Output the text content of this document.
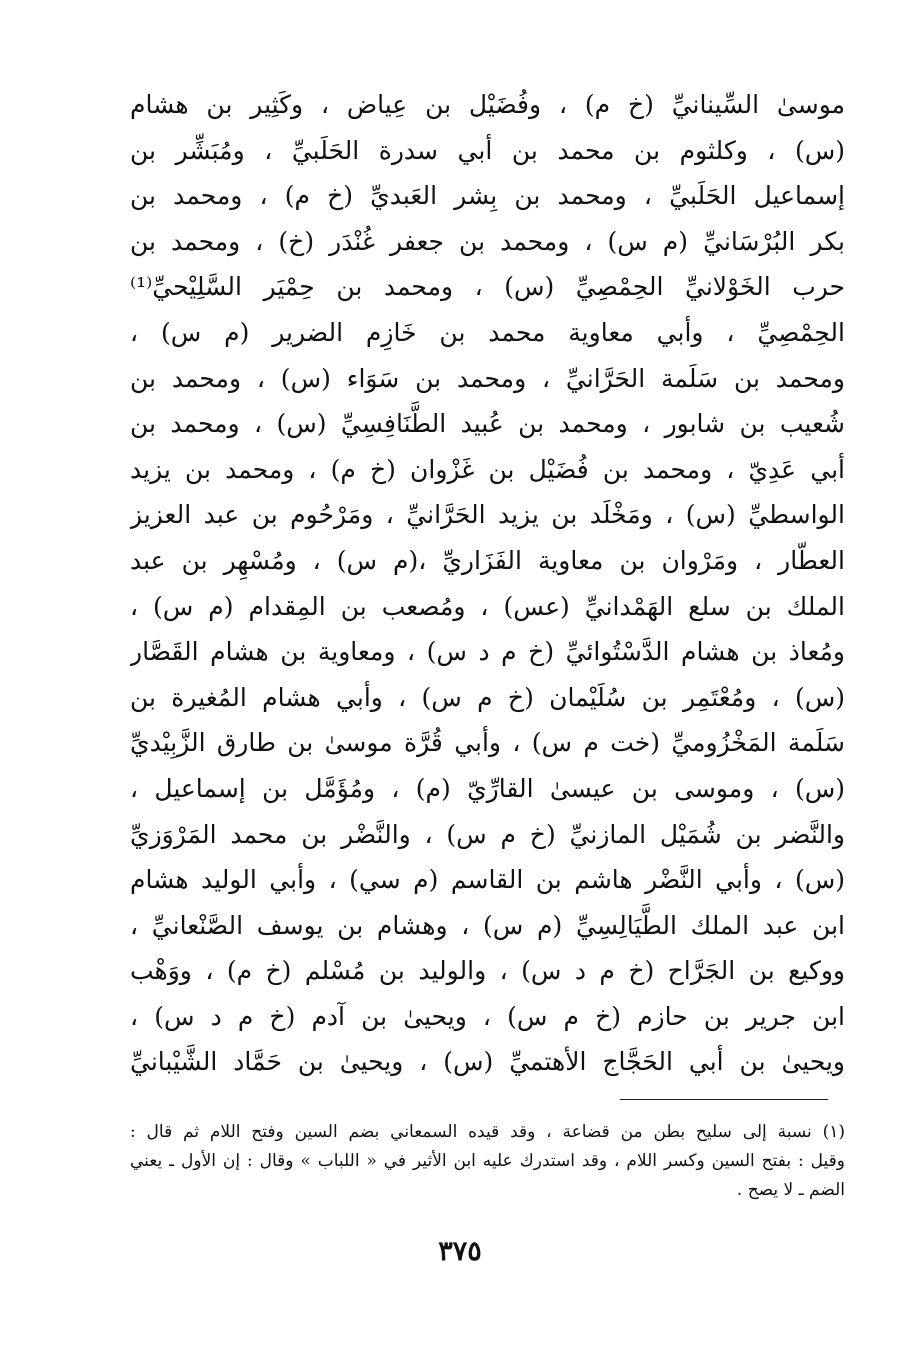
موسىٰ السِّينانيِّ (خ م) ، وفُضَيْل بن عِياض ، وكَثِير بن هشام
(س) ، وكلثوم بن محمد بن أبي سدرة الحَلَبيِّ ، ومُبَشِّر بن
إسماعيل الحَلَبيِّ ، ومحمد بن بِشر العَبديِّ (خ م) ، ومحمد بن
بكر البُرْسَانيِّ (م س) ، ومحمد بن جعفر غُنْدَر (خ) ، ومحمد بن
حرب الخَوْلانيِّ الحِمْصِيِّ (س) ، ومحمد بن حِمْيَر السَّلِيْحيِّ⁽¹⁾
الحِمْصِيِّ ، وأبي معاوية محمد بن خَازِم الضرير (م س) ،
ومحمد بن سَلَمة الحَرَّانيِّ ، ومحمد بن سَوَاء (س) ، ومحمد بن
شُعيب بن شابور ، ومحمد بن عُبيد الطَّنَافِسِيِّ (س) ، ومحمد بن
أبي عَدِيّ ، ومحمد بن فُضَيْل بن غَزْوان (خ م) ، ومحمد بن يزيد
الواسطيِّ (س) ، ومَخْلَد بن يزيد الحَرَّانيِّ ، ومَرْحُوم بن عبد العزيز
العطّار ، ومَرْوان بن معاوية الفَزَاريِّ ،(م س) ، ومُسْهِر بن عبد
الملك بن سلع الهَمْدانيِّ (عس) ، ومُصعب بن المِقدام (م س) ،
ومُعاذ بن هشام الدَّسْتُوائيِّ (خ م د س) ، ومعاوية بن هشام القَصَّار
(س) ، ومُعْتَمِر بن سُلَيْمان (خ م س) ، وأبي هشام المُغيرة بن
سَلَمة المَخْزُوميِّ (خت م س) ، وأبي قُرَّة موسىٰ بن طارق الزَّبِيْديِّ
(س) ، وموسى بن عيسىٰ القارِّيّ (م) ، ومُؤَمَّل بن إسماعيل ،
والنَّضر بن شُمَيْل المازنيِّ (خ م س) ، والنَّضْر بن محمد المَرْوَزيِّ
(س) ، وأبي النَّضْر هاشم بن القاسم (م سي) ، وأبي الوليد هشام
ابن عبد الملك الطَّيَالِسِيِّ (م س) ، وهشام بن يوسف الصَّنْعانيِّ ،
ووكيع بن الجَرَّاح (خ م د س) ، والوليد بن مُسْلم (خ م) ، ووَهْب
ابن جرير بن حازم (خ م س) ، ويحيىٰ بن آدم (خ م د س) ،
ويحيىٰ بن أبي الحَجَّاج الأهتميِّ (س) ، ويحيىٰ بن حَمَّاد الشَّيْبانيِّ
(١) نسبة إلى سليح بطن من قضاعة ، وقد قيده السمعاني بضم السين وفتح اللام ثم قال :
وقيل : بفتح السين وكسر اللام ، وقد استدرك عليه ابن الأثير في « اللباب » وقال : إن الأول ـ يعني
الضم ـ لا يصح .
٣٧٥
